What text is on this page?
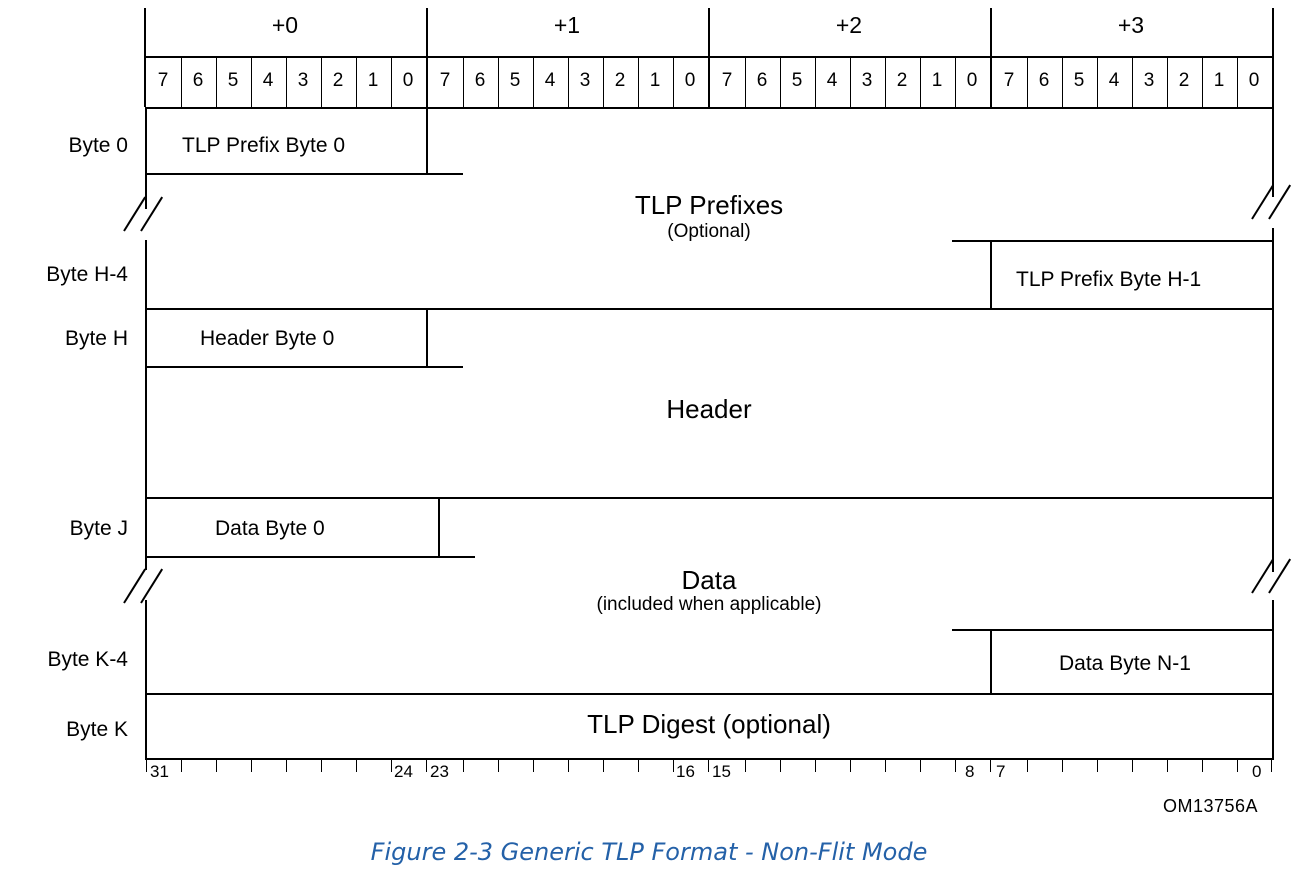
+0	+1	+2	+3
7	6	5	4	3	2	1	0	7	6	5	4	3	2	1	0	7	6	5	4	3	2	1	0	7	6	5	4	3	2	1	0
Byte 0	TLP Prefix Byte 0
TLP Prefixes
(Optional)
Byte H-4	TLP Prefix Byte H-1
Byte H	Header Byte 0
Header
Byte J	Data Byte 0
Data
(included when applicable)
Byte K-4	Data Byte N-1
Byte K	TLP Digest (optional)
31	24 23	16 15	8 7	0
OM13756A
Figure 2-3 Generic TLP Format - Non-Flit Mode
